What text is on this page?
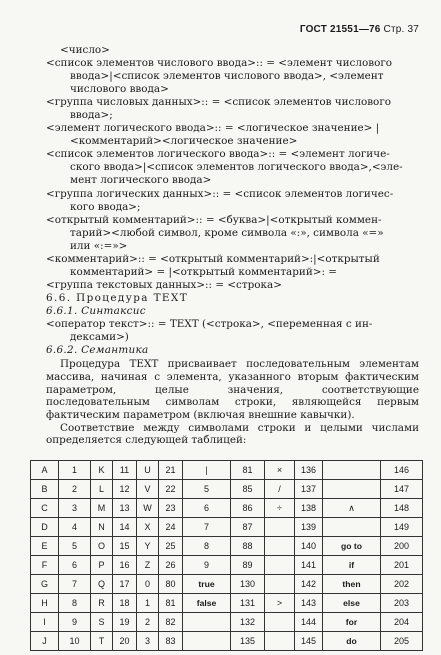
ГОСТ 21551—76 Стр. 37
<число>
<список элементов числового ввода>:: = <элемент числового
ввода>|<список элементов числового ввода>, <элемент
числового ввода>
<группа числовых данных>:: = <список элементов числового
ввода>;
<элемент логического ввода>:: = <логическое значение> |
<комментарий><логическое значение>
<список элементов логического ввода>:: = <элемент логиче-
ского ввода>|<список элементов логического ввода>,<эле-
мент логического ввода>
<группа логических данных>:: = <список элементов логичес-
кого ввода>;
<открытый комментарий>:: = <буква>|<открытый коммен-
тарий><любой символ, кроме символа «:», символа «=»
или «:=»>
<комментарий>:: = <открытый комментарий>:|<открытый
комментарий> = |<открытый комментарий>: =
<группа текстовых данных>:: = <строка>
6.6. Процедура TEXT
6.6.1. Синтаксис
<оператор текст>:: = TEXT (<строка>, <переменная с ин-
дексами>)
6.6.2. Семантика

Процедура TEXT присваивает последовательным элементам массива, начиная с элемента, указанного вторым фактическим параметром, целые значения, соответствующие последовательным символам строки, являющейся первым фактическим параметром (включая внешние кавычки).

Соответствие между символами строки и целыми числами определяется следующей таблицей:

A	1	K	11	U	21	|	81	×	136		146
B	2	L	12	V	22	5	85	/	137		147
C	3	M	13	W	23	6	86	÷	138	∧	148
D	4	N	14	X	24	7	87		139		149
E	5	O	15	Y	25	8	88		140	go to	200
F	6	P	16	Z	26	9	89		141	if	201
G	7	Q	17	0	80	true	130		142	then	202
H	8	R	18	1	81	false	131	>	143	else	203
I	9	S	19	2	82		132		144	for	204
J	10	T	20	3	83		135		145	do	205
